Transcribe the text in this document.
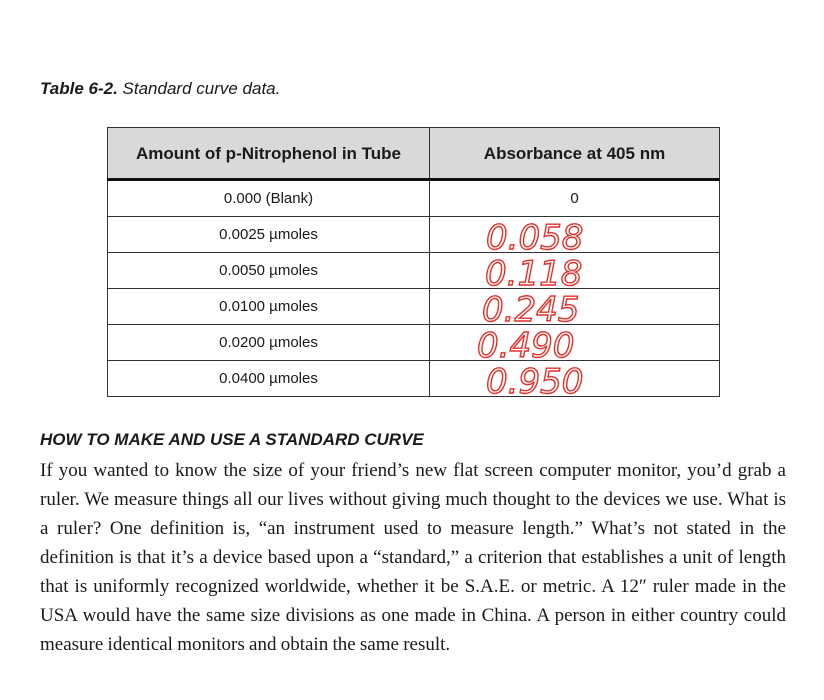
Table 6-2. Standard curve data.
Amount of p-Nitrophenol in Tube	Absorbance at 405 nm
0.000 (Blank)	0
0.0025 µmoles	0.058

0.0050 µmoles	0.118

0.0100 µmoles	0.245

0.0200 µmoles	0.490

0.0400 µmoles	0.950
HOW TO MAKE AND USE A STANDARD CURVE

If you wanted to know the size of your friend’s new flat screen computer monitor, you’d grab a ruler. We measure things all our lives without giving much thought to the devices we use. What is a ruler? One definition is, “an instrument used to measure length.” What’s not stated in the definition is that it’s a device based upon a “standard,” a criterion that establishes a unit of length that is uniformly recognized worldwide, whether it be S.A.E. or metric. A 12″ ruler made in the USA would have the same size divisions as one made in China. A person in either country could measure identical monitors and obtain the same result.
